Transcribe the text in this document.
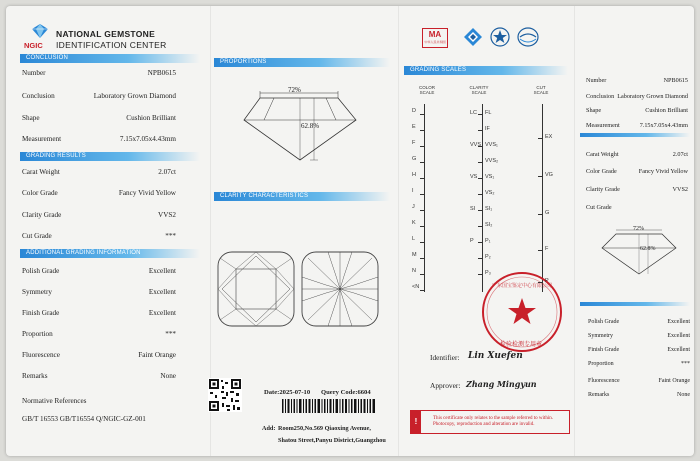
NGIC
NATIONAL GEMSTONE
IDENTIFICATION CENTER
CONCLUSION
Number	NPB0615
Conclusion	Laboratory Grown Diamond
Shape	Cushion Brilliant
Measurement	7.15x7.05x4.43mm
GRADING RESULTS
Carat Weight	2.07ct
Color Grade	Fancy Vivid Yellow
Clarity Grade	VVS2
Cut Grade	***
ADDITIONAL GRADING INFORMATION
Polish Grade	Excellent
Symmetry	Excellent
Finish Grade	Excellent
Proportion	***
Fluorescence	Faint Orange
Remarks	None
Normative References
GB/T 16553 GB/T16554 Q/NGIC-GZ-001
PROPORTIONS
72%
62.8%
CLARITY CHARACTERISTICS
Date:2025-07-10 Query Code:6604
Add: Room250,No.569 Qiaoxing Avenue,
Shatou Street,Panyu District,Guangzhou
MA
中华人民共和国
GRADING SCALES
COLOR
SCALE
CLARITY
SCALE
CUT
SCALE
广东国宝鉴定中心有限公司
检验检测专用章
Identifier: Lin Xuefen
Approver: Zhang Mingyun
!	This certificate only relates to the sample referred to within. Photocopy, reproduction and alteration are invalid.
Number	NPB0615
Conclusion Laboratory Grown Diamond
Shape	Cushion Brilliant
Measurement	7.15x7.05x4.43mm
Carat Weight	2.07ct
Color Grade	Fancy Vivid Yellow
Clarity Grade	VVS2
Cut Grade
72%
62.8%
Polish Grade	Excellent
Symmetry	Excellent
Finish Grade	Excellent
Proportion	***
Fluorescence	Faint Orange
Remarks	None
D
E
F
G
H
I
J
K
L
M
N
<N
LC FL
IF
VVS VVS₁
VVS₂
VS VS₁
VS₂
SI SI₁
SI₂
P P₁
P₂
P₃
EX
VG
G
F
P
